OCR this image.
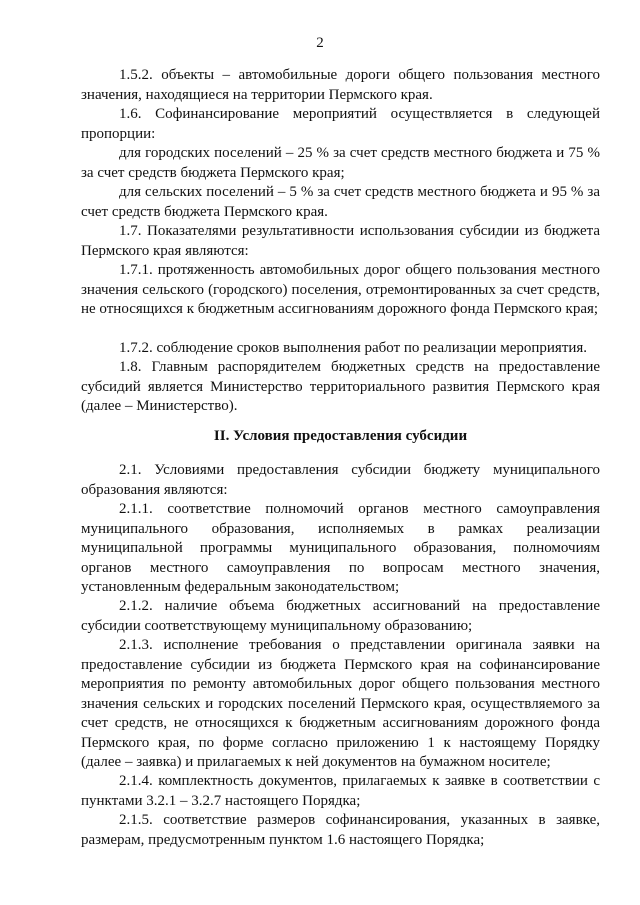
2
1.5.2. объекты – автомобильные дороги общего пользования местного значения, находящиеся на территории Пермского края.
1.6. Софинансирование мероприятий осуществляется в следующей пропорции:
для городских поселений – 25 % за счет средств местного бюджета и 75 % за счет средств бюджета Пермского края;
для сельских поселений – 5 % за счет средств местного бюджета и 95 % за счет средств бюджета Пермского края.
1.7. Показателями результативности использования субсидии из бюджета Пермского края являются:
1.7.1. протяженность автомобильных дорог общего пользования местного значения сельского (городского) поселения, отремонтированных за счет средств, не относящихся к бюджетным ассигнованиям дорожного фонда Пермского края;
1.7.2. соблюдение сроков выполнения работ по реализации мероприятия.
1.8. Главным распорядителем бюджетных средств на предоставление субсидий является Министерство территориального развития Пермского края (далее – Министерство).
II. Условия предоставления субсидии
2.1. Условиями предоставления субсидии бюджету муниципального образования являются:
2.1.1. соответствие полномочий органов местного самоуправления муниципального образования, исполняемых в рамках реализации муниципальной программы муниципального образования, полномочиям органов местного самоуправления по вопросам местного значения, установленным федеральным законодательством;
2.1.2. наличие объема бюджетных ассигнований на предоставление субсидии соответствующему муниципальному образованию;
2.1.3. исполнение требования о представлении оригинала заявки на предоставление субсидии из бюджета Пермского края на софинансирование мероприятия по ремонту автомобильных дорог общего пользования местного значения сельских и городских поселений Пермского края, осуществляемого за счет средств, не относящихся к бюджетным ассигнованиям дорожного фонда Пермского края, по форме согласно приложению 1 к настоящему Порядку (далее – заявка) и прилагаемых к ней документов на бумажном носителе;
2.1.4. комплектность документов, прилагаемых к заявке в соответствии с пунктами 3.2.1 – 3.2.7 настоящего Порядка;
2.1.5. соответствие размеров софинансирования, указанных в заявке, размерам, предусмотренным пунктом 1.6 настоящего Порядка;
